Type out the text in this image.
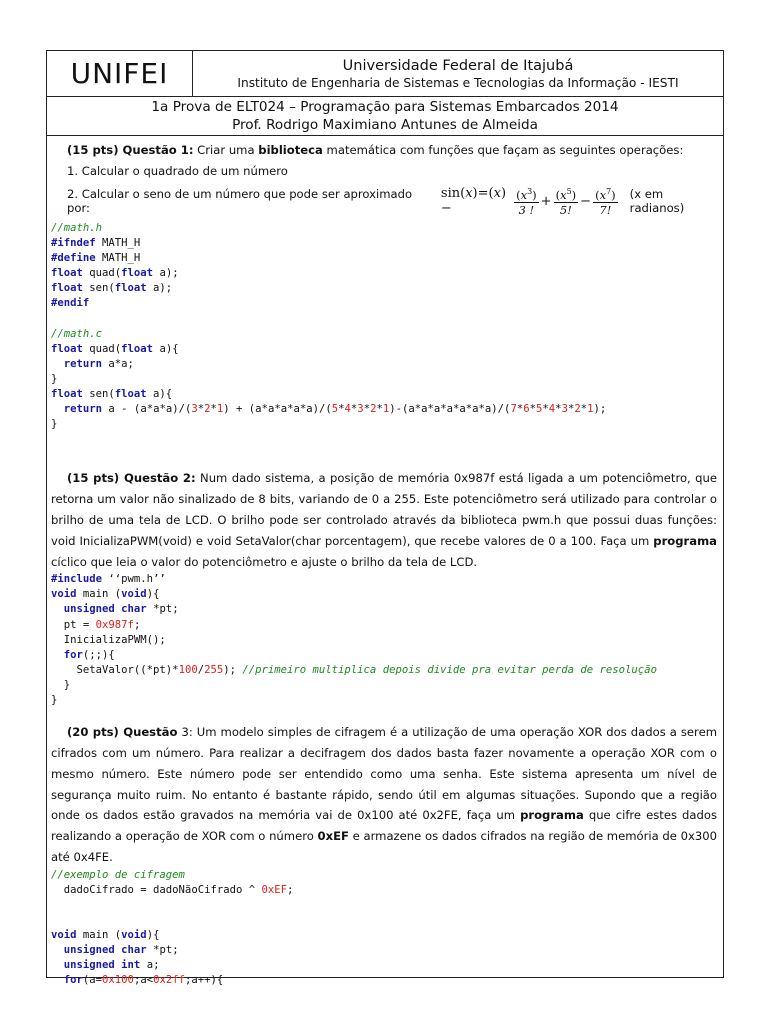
UNIFEI	Universidade Federal de Itajubá
Instituto de Engenharia de Sistemas e Tecnologias da Informação - IESTI
1a Prova de ELT024 – Programação para Sistemas Embarcados 2014
Prof. Rodrigo Maximiano Antunes de Almeida

(15 pts) Questão 1: Criar uma biblioteca matemática com funções que façam as seguintes operações:

1. Calcular o quadrado de um número
2. Calcular o seno de um número que pode ser aproximado por:
sin(x)=(x)−	$\frac{(x^3)}{3 !} + \frac{(x^5)}{5!} - \frac{(x^7)}{7!} (x$ em radianos)
//math.h
#ifndef MATH_H
#define MATH_H
float quad(float a);
float sen(float a);
#endif

//math.c
float quad(float a){
return a*a;
}
float sen(float a){
return a - (a*a*a)/(3*2*1) + (a*a*a*a*a)/(5*4*3*2*1)-(a*a*a*a*a*a*a)/(7*6*5*4*3*2*1);
}

(15 pts) Questão 2: Num dado sistema, a posição de memória 0x987f está ligada a um potenciômetro, que retorna um valor não sinalizado de 8 bits, variando de 0 a 255. Este potenciômetro será utilizado para controlar o brilho de uma tela de LCD. O brilho pode ser controlado através da biblioteca pwm.h que possui duas funções: void InicializaPWM(void) e void SetaValor(char porcentagem), que recebe valores de 0 a 100. Faça um programa cíclico que leia o valor do potenciômetro e ajuste o brilho da tela de LCD.

#include ‘‘pwm.h’’
void main (void){
unsigned char *pt;
pt = 0x987f;
InicializaPWM();
for(;;){
SetaValor((*pt)*100/255); //primeiro multiplica depois divide pra evitar perda de resolução
}
}

(20 pts) Questão 3: Um modelo simples de cifragem é a utilização de uma operação XOR dos dados a serem cifrados com um número. Para realizar a decifragem dos dados basta fazer novamente a operação XOR com o mesmo número. Este número pode ser entendido como uma senha. Este sistema apresenta um nível de segurança muito ruim. No entanto é bastante rápido, sendo útil em algumas situações. Supondo que a região onde os dados estão gravados na memória vai de 0x100 até 0x2FE, faça um programa que cifre estes dados realizando a operação de XOR com o número 0xEF e armazene os dados cifrados na região de memória de 0x300 até 0x4FE.

//exemplo de cifragem
dadoCifrado = dadoNãoCifrado ^ 0xEF;

void main (void){
unsigned char *pt;
unsigned int a;
for(a=0x100;a<0x2ff;a++){
